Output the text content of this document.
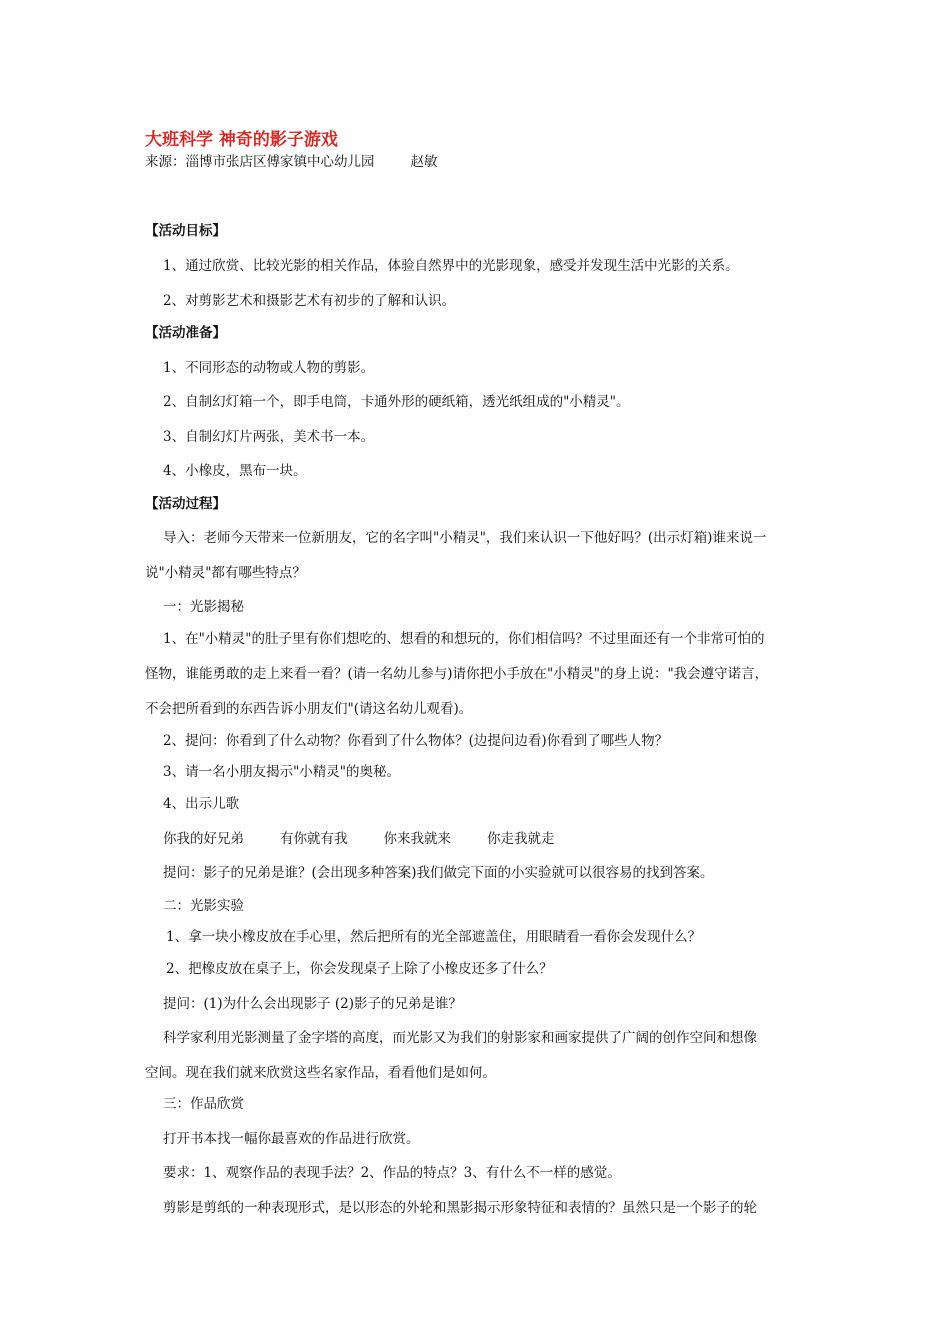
大班科学 神奇的影子游戏
来源：淄博市张店区傅家镇中心幼儿园	赵敏
【活动目标】
1、通过欣赏、比较光影的相关作品，体验自然界中的光影现象，感受并发现生活中光影的关系。
2、对剪影艺术和摄影艺术有初步的了解和认识。
【活动准备】
1、不同形态的动物或人物的剪影。
2、自制幻灯箱一个，即手电筒，卡通外形的硬纸箱，透光纸组成的"小精灵"。
3、自制幻灯片两张，美术书一本。
4、小橡皮，黑布一块。
【活动过程】
导入：老师今天带来一位新朋友，它的名字叫"小精灵"，我们来认识一下他好吗？(出示灯箱)谁来说一
说"小精灵"都有哪些特点？
一：光影揭秘
1、在"小精灵"的肚子里有你们想吃的、想看的和想玩的，你们相信吗？不过里面还有一个非常可怕的
怪物，谁能勇敢的走上来看一看？(请一名幼儿参与)请你把小手放在"小精灵"的身上说："我会遵守诺言，
不会把所看到的东西告诉小朋友们"(请这名幼儿观看)。
2、提问：你看到了什么动物？你看到了什么物体？(边提问边看)你看到了哪些人物？
3、请一名小朋友揭示"小精灵"的奥秘。
4、出示儿歌
你我的好兄弟	有你就有我	你来我就来	你走我就走
提问：影子的兄弟是谁？(会出现多种答案)我们做完下面的小实验就可以很容易的找到答案。
二：光影实验
1、拿一块小橡皮放在手心里，然后把所有的光全部遮盖住，用眼睛看一看你会发现什么？
2、把橡皮放在桌子上，你会发现桌子上除了小橡皮还多了什么？
提问：(1)为什么会出现影子 (2)影子的兄弟是谁？
科学家利用光影测量了金字塔的高度，而光影又为我们的射影家和画家提供了广阔的创作空间和想像
空间。现在我们就来欣赏这些名家作品，看看他们是如何。
三：作品欣赏
打开书本找一幅你最喜欢的作品进行欣赏。
要求：1、观察作品的表现手法？2、作品的特点？3、有什么不一样的感觉。
剪影是剪纸的一种表现形式，是以形态的外轮和黑影揭示形象特征和表情的？虽然只是一个影子的轮
